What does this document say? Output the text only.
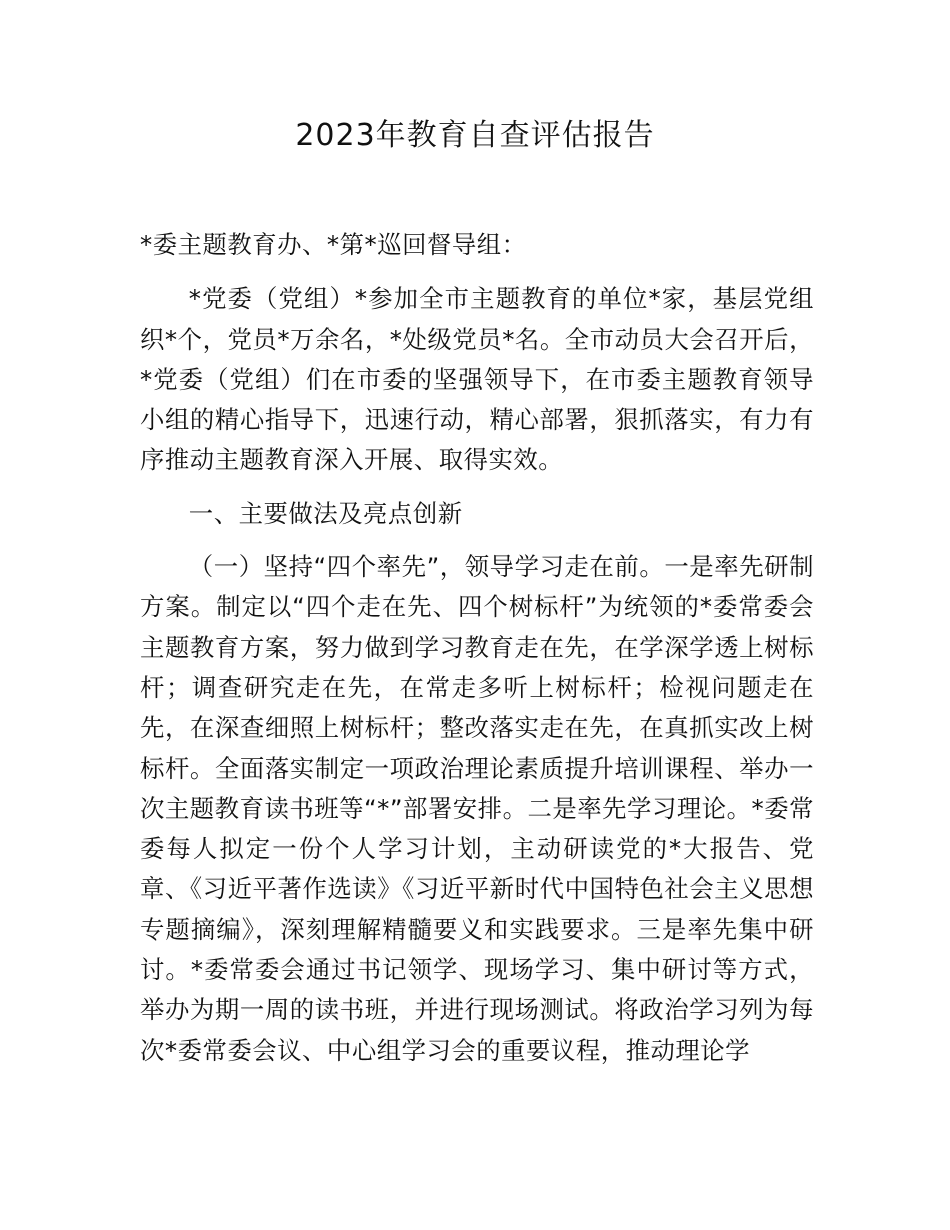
2023年教育自查评估报告

*委主题教育办、*第*巡回督导组：

*党委（党组）*参加全市主题教育的单位*家，基层党组织*个，党员*万余名，*处级党员*名。全市动员大会召开后，*党委（党组）们在市委的坚强领导下，在市委主题教育领导小组的精心指导下，迅速行动，精心部署，狠抓落实，有力有序推动主题教育深入开展、取得实效。

一、主要做法及亮点创新

（一）坚持“四个率先”，领导学习走在前。一是率先研制方案。制定以“四个走在先、四个树标杆”为统领的*委常委会主题教育方案，努力做到学习教育走在先，在学深学透上树标杆；调查研究走在先，在常走多听上树标杆；检视问题走在先，在深查细照上树标杆；整改落实走在先，在真抓实改上树标杆。全面落实制定一项政治理论素质提升培训课程、举办一次主题教育读书班等“*”部署安排。二是率先学习理论。*委常委每人拟定一份个人学习计划，主动研读党的*大报告、党章、《习近平著作选读》《习近平新时代中国特色社会主义思想专题摘编》，深刻理解精髓要义和实践要求。三是率先集中研讨。*委常委会通过书记领学、现场学习、集中研讨等方式，举办为期一周的读书班，并进行现场测试。将政治学习列为每次*委常委会议、中心组学习会的重要议程，推动理论学
